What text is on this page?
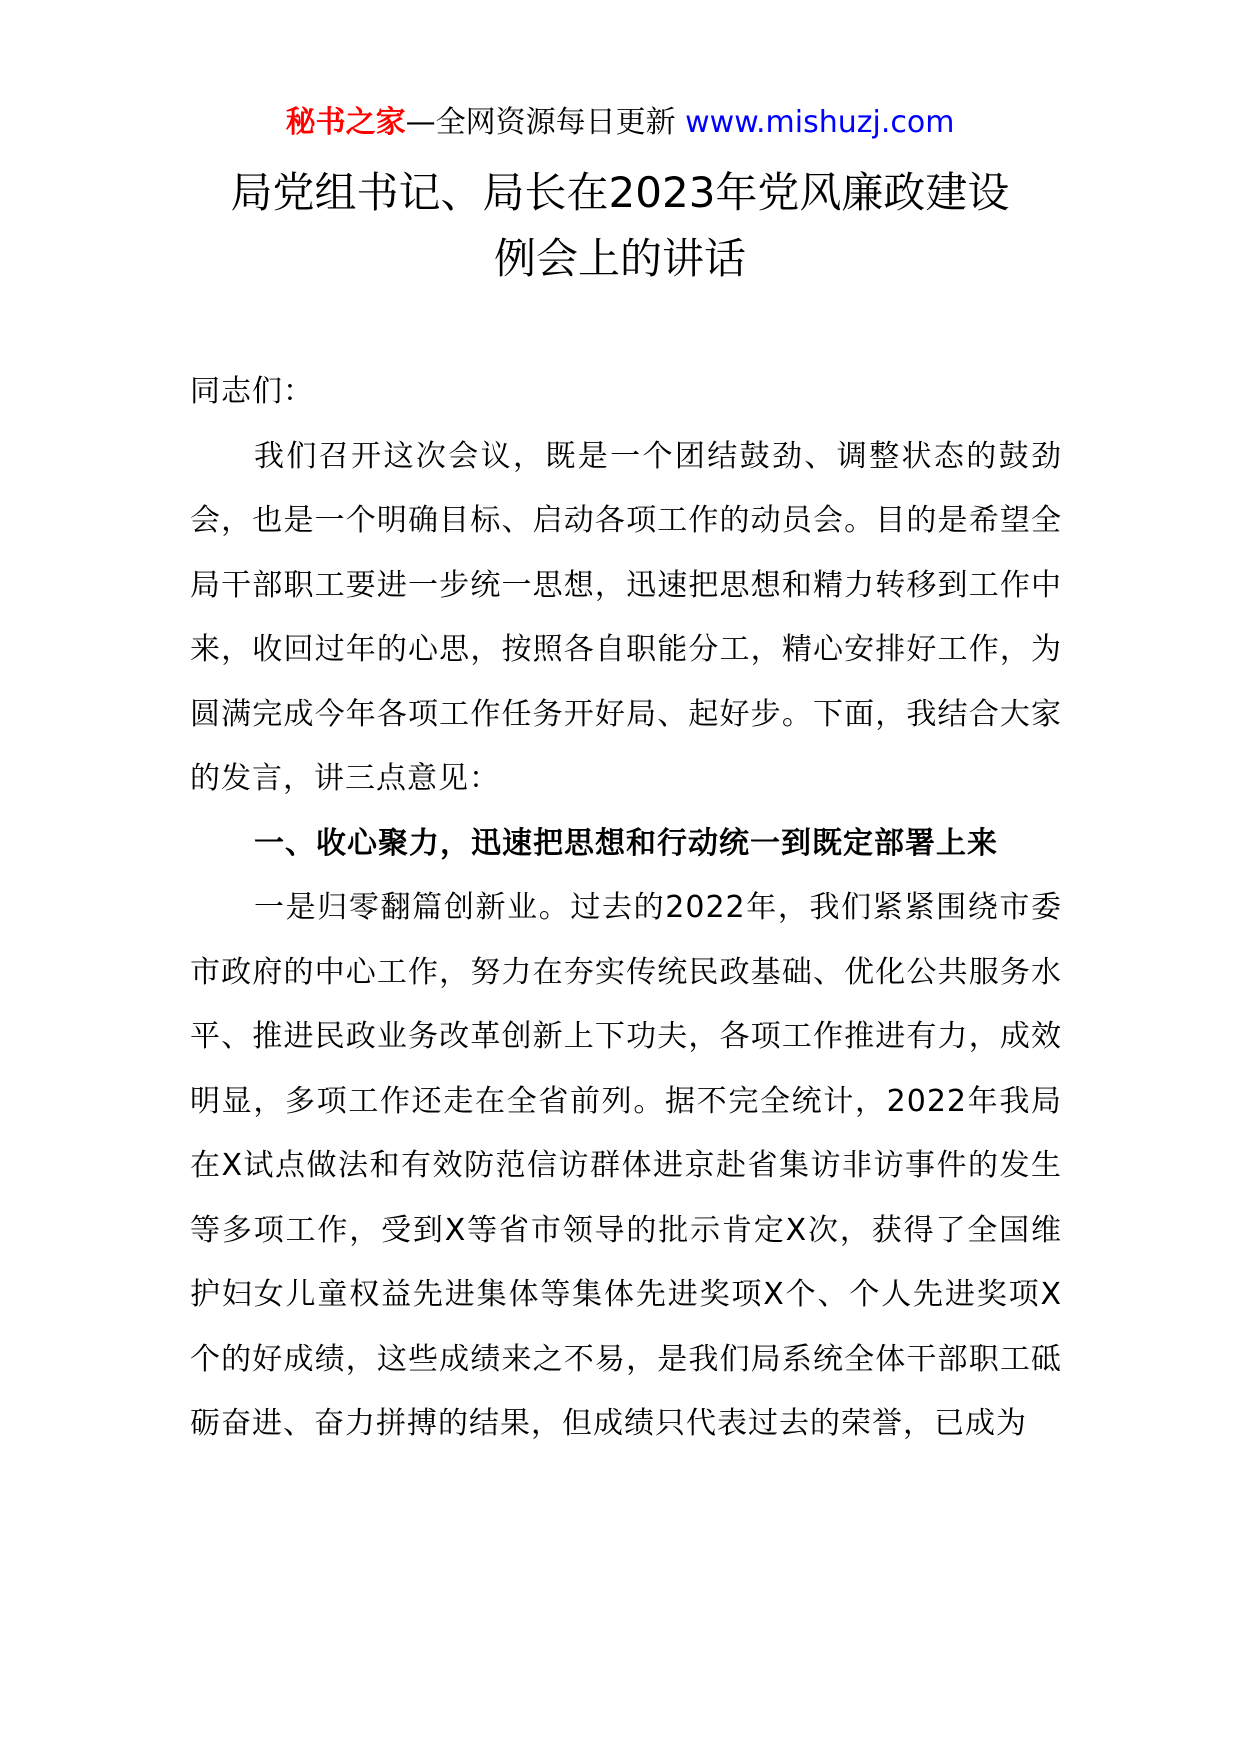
秘书之家—全网资源每日更新 www.mishuzj.com
局党组书记、局长在2023年党风廉政建设
例会上的讲话

同志们：

我们召开这次会议，既是一个团结鼓劲、调整状态的鼓劲会，也是一个明确目标、启动各项工作的动员会。目的是希望全局干部职工要进一步统一思想，迅速把思想和精力转移到工作中来，收回过年的心思，按照各自职能分工，精心安排好工作，为圆满完成今年各项工作任务开好局、起好步。下面，我结合大家的发言，讲三点意见：

一、收心聚力，迅速把思想和行动统一到既定部署上来

一是归零翻篇创新业。过去的2022年，我们紧紧围绕市委市政府的中心工作，努力在夯实传统民政基础、优化公共服务水平、推进民政业务改革创新上下功夫，各项工作推进有力，成效明显，多项工作还走在全省前列。据不完全统计，2022年我局在X试点做法和有效防范信访群体进京赴省集访非访事件的发生等多项工作，受到X等省市领导的批示肯定X次，获得了全国维护妇女儿童权益先进集体等集体先进奖项X个、个人先进奖项X个的好成绩，这些成绩来之不易，是我们局系统全体干部职工砥砺奋进、奋力拼搏的结果，但成绩只代表过去的荣誉，已成为
